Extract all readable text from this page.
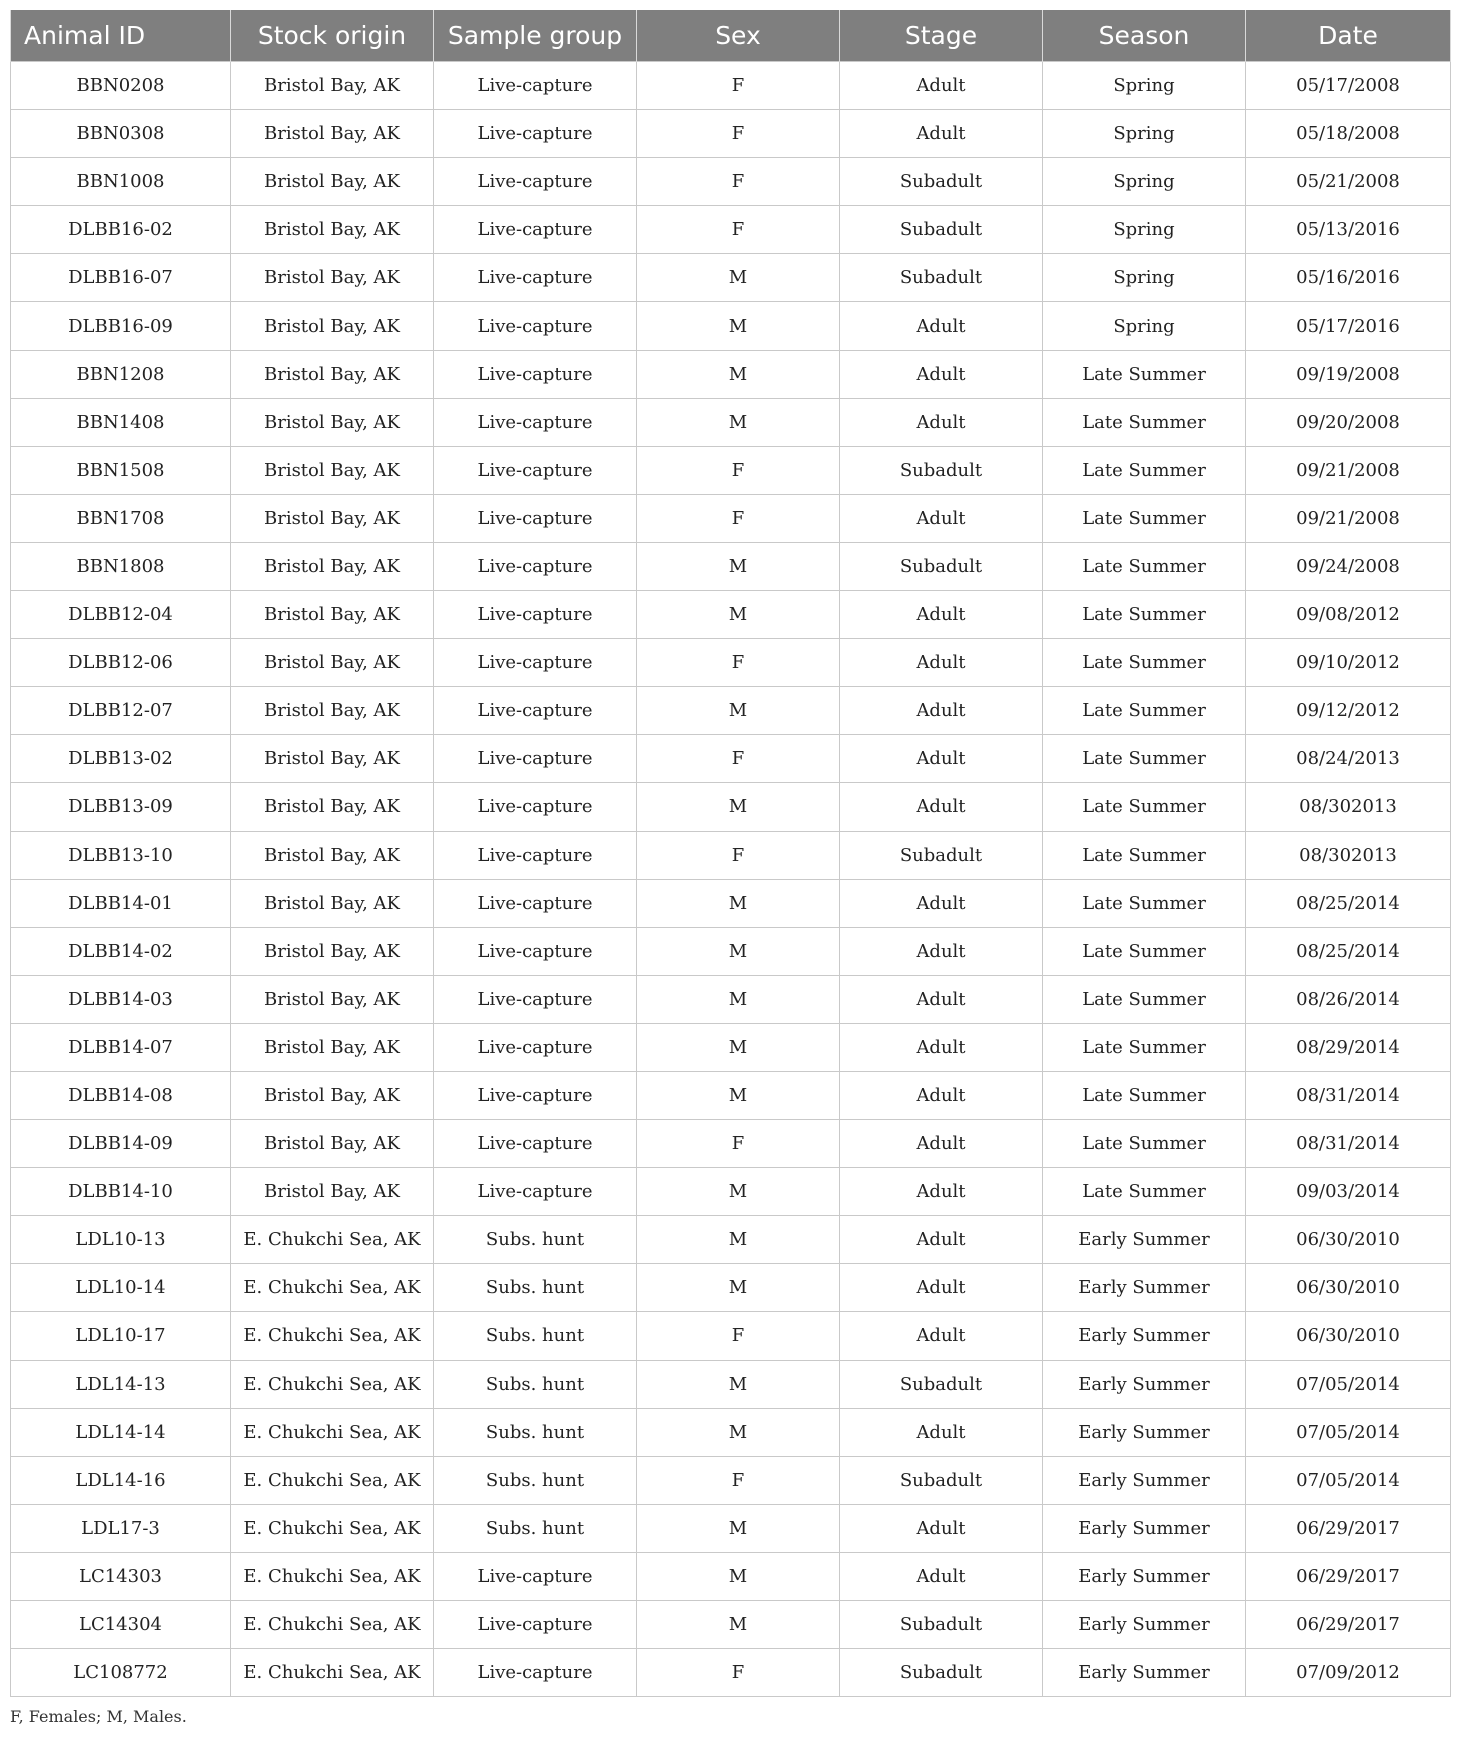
Animal ID	Stock origin	Sample group	Sex	Stage	Season	Date
BBN0208	Bristol Bay, AK	Live-capture	F	Adult	Spring	05/17/2008
BBN0308	Bristol Bay, AK	Live-capture	F	Adult	Spring	05/18/2008
BBN1008	Bristol Bay, AK	Live-capture	F	Subadult	Spring	05/21/2008
DLBB16-02	Bristol Bay, AK	Live-capture	F	Subadult	Spring	05/13/2016
DLBB16-07	Bristol Bay, AK	Live-capture	M	Subadult	Spring	05/16/2016
DLBB16-09	Bristol Bay, AK	Live-capture	M	Adult	Spring	05/17/2016
BBN1208	Bristol Bay, AK	Live-capture	M	Adult	Late Summer	09/19/2008
BBN1408	Bristol Bay, AK	Live-capture	M	Adult	Late Summer	09/20/2008
BBN1508	Bristol Bay, AK	Live-capture	F	Subadult	Late Summer	09/21/2008
BBN1708	Bristol Bay, AK	Live-capture	F	Adult	Late Summer	09/21/2008
BBN1808	Bristol Bay, AK	Live-capture	M	Subadult	Late Summer	09/24/2008
DLBB12-04	Bristol Bay, AK	Live-capture	M	Adult	Late Summer	09/08/2012
DLBB12-06	Bristol Bay, AK	Live-capture	F	Adult	Late Summer	09/10/2012
DLBB12-07	Bristol Bay, AK	Live-capture	M	Adult	Late Summer	09/12/2012
DLBB13-02	Bristol Bay, AK	Live-capture	F	Adult	Late Summer	08/24/2013
DLBB13-09	Bristol Bay, AK	Live-capture	M	Adult	Late Summer	08/302013
DLBB13-10	Bristol Bay, AK	Live-capture	F	Subadult	Late Summer	08/302013
DLBB14-01	Bristol Bay, AK	Live-capture	M	Adult	Late Summer	08/25/2014
DLBB14-02	Bristol Bay, AK	Live-capture	M	Adult	Late Summer	08/25/2014
DLBB14-03	Bristol Bay, AK	Live-capture	M	Adult	Late Summer	08/26/2014
DLBB14-07	Bristol Bay, AK	Live-capture	M	Adult	Late Summer	08/29/2014
DLBB14-08	Bristol Bay, AK	Live-capture	M	Adult	Late Summer	08/31/2014
DLBB14-09	Bristol Bay, AK	Live-capture	F	Adult	Late Summer	08/31/2014
DLBB14-10	Bristol Bay, AK	Live-capture	M	Adult	Late Summer	09/03/2014
LDL10-13	E. Chukchi Sea, AK	Subs. hunt	M	Adult	Early Summer	06/30/2010
LDL10-14	E. Chukchi Sea, AK	Subs. hunt	M	Adult	Early Summer	06/30/2010
LDL10-17	E. Chukchi Sea, AK	Subs. hunt	F	Adult	Early Summer	06/30/2010
LDL14-13	E. Chukchi Sea, AK	Subs. hunt	M	Subadult	Early Summer	07/05/2014
LDL14-14	E. Chukchi Sea, AK	Subs. hunt	M	Adult	Early Summer	07/05/2014
LDL14-16	E. Chukchi Sea, AK	Subs. hunt	F	Subadult	Early Summer	07/05/2014
LDL17-3	E. Chukchi Sea, AK	Subs. hunt	M	Adult	Early Summer	06/29/2017
LC14303	E. Chukchi Sea, AK	Live-capture	M	Adult	Early Summer	06/29/2017
LC14304	E. Chukchi Sea, AK	Live-capture	M	Subadult	Early Summer	06/29/2017
LC108772	E. Chukchi Sea, AK	Live-capture	F	Subadult	Early Summer	07/09/2012
F, Females; M, Males.
